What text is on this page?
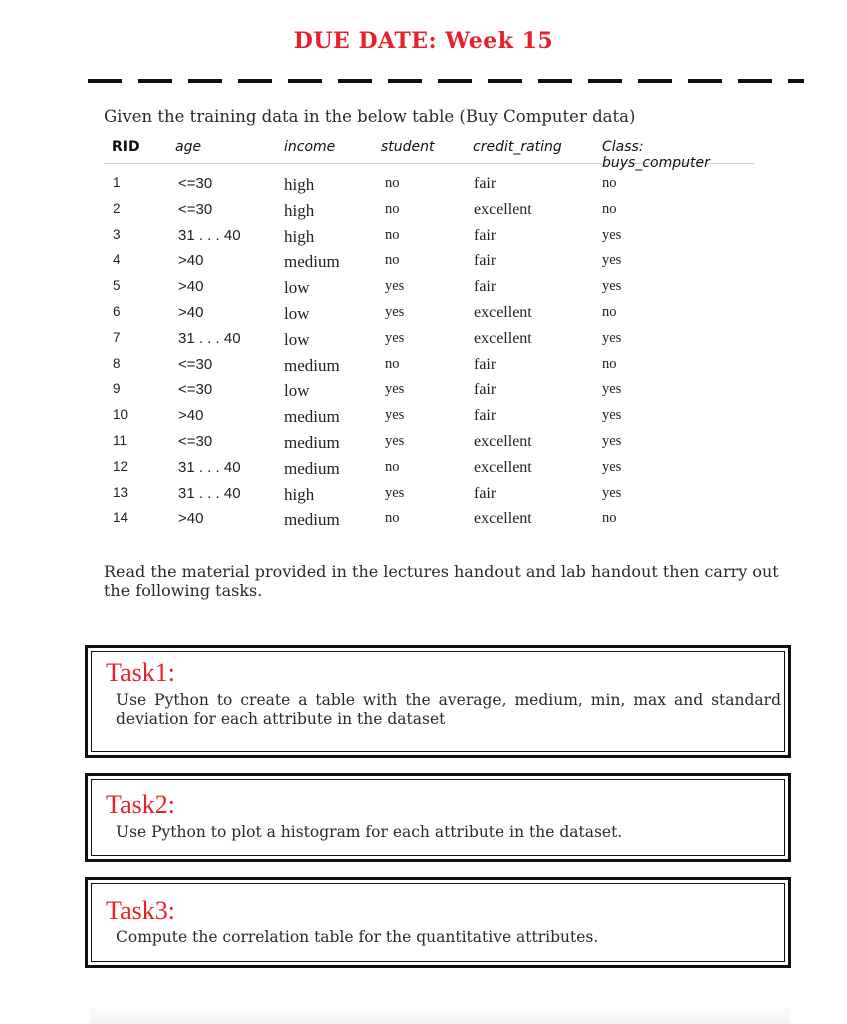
DUE DATE: Week 15
Given the training data in the below table (Buy Computer data)
RID	age	income	student	credit_rating	Class: buys_computer
1	<=30	high	no	fair	no
2	<=30	high	no	excellent	no
3	31 . . . 40	high	no	fair	yes
4	>40	medium	no	fair	yes
5	>40	low	yes	fair	yes
6	>40	low	yes	excellent	no
7	31 . . . 40	low	yes	excellent	yes
8	<=30	medium	no	fair	no
9	<=30	low	yes	fair	yes
10	>40	medium	yes	fair	yes
11	<=30	medium	yes	excellent	yes
12	31 . . . 40	medium	no	excellent	yes
13	31 . . . 40	high	yes	fair	yes
14	>40	medium	no	excellent	no
Read the material provided in the lectures handout and lab handout then carry out the following tasks.
Task1:
Use Python to create a table with the average, medium, min, max and standard deviation for each attribute in the dataset
Task2:
Use Python to plot a histogram for each attribute in the dataset.
Task3:
Compute the correlation table for the quantitative attributes.
